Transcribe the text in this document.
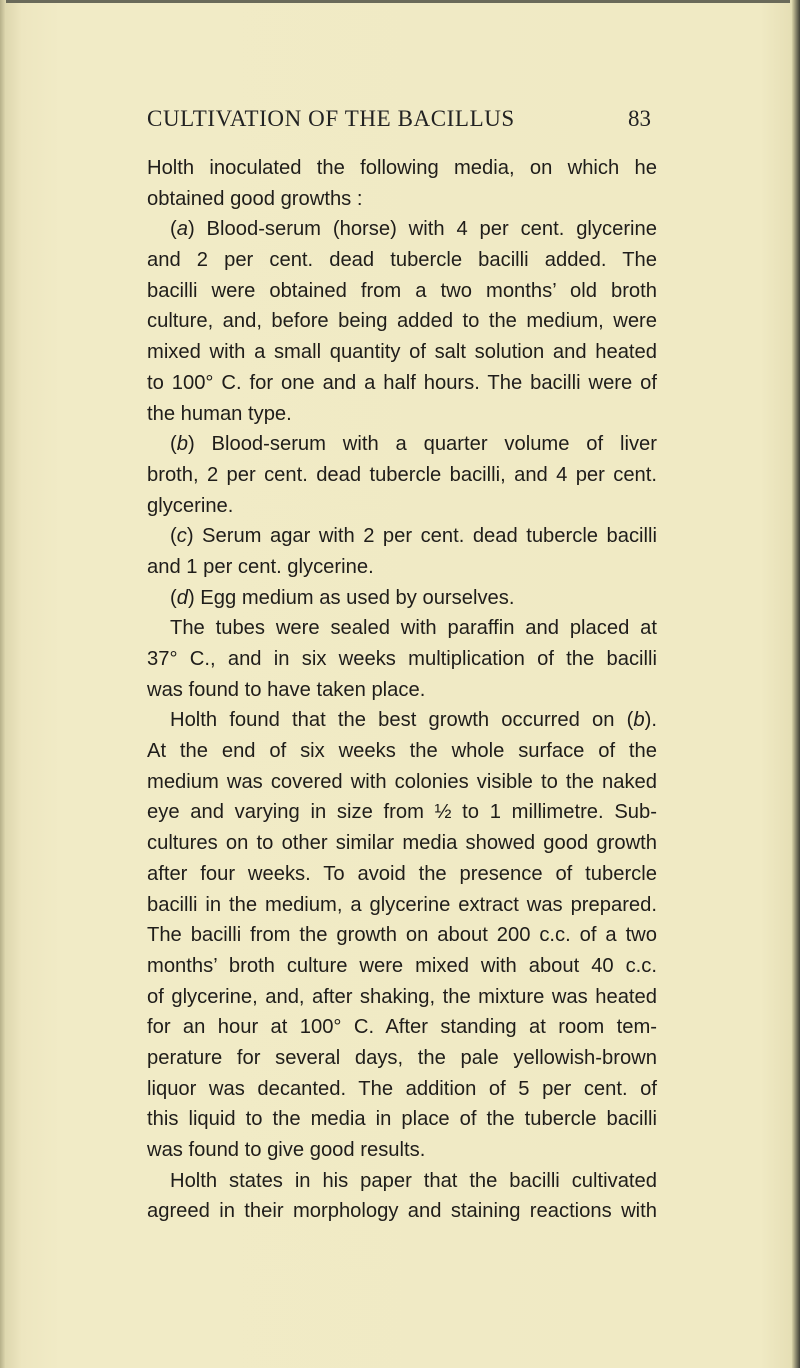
CULTIVATION OF THE BACILLUS	83
Holth inoculated the following media, on which he
obtained good growths :
(a) Blood-serum (horse) with 4 per cent. glycerine
and 2 per cent. dead tubercle bacilli added. The
bacilli were obtained from a two months’ old broth
culture, and, before being added to the medium, were
mixed with a small quantity of salt solution and heated
to 100° C. for one and a half hours. The bacilli were of
the human type.
(b) Blood-serum with a quarter volume of liver
broth, 2 per cent. dead tubercle bacilli, and 4 per cent.
glycerine.
(c) Serum agar with 2 per cent. dead tubercle bacilli
and 1 per cent. glycerine.
(d) Egg medium as used by ourselves.
The tubes were sealed with paraffin and placed at
37° C., and in six weeks multiplication of the bacilli
was found to have taken place.
Holth found that the best growth occurred on (b).
At the end of six weeks the whole surface of the
medium was covered with colonies visible to the naked
eye and varying in size from ½ to 1 millimetre. Sub-
cultures on to other similar media showed good growth
after four weeks. To avoid the presence of tubercle
bacilli in the medium, a glycerine extract was prepared.
The bacilli from the growth on about 200 c.c. of a two
months’ broth culture were mixed with about 40 c.c.
of glycerine, and, after shaking, the mixture was heated
for an hour at 100° C. After standing at room tem-
perature for several days, the pale yellowish-brown
liquor was decanted. The addition of 5 per cent. of
this liquid to the media in place of the tubercle bacilli
was found to give good results.
Holth states in his paper that the bacilli cultivated
agreed in their morphology and staining reactions with
